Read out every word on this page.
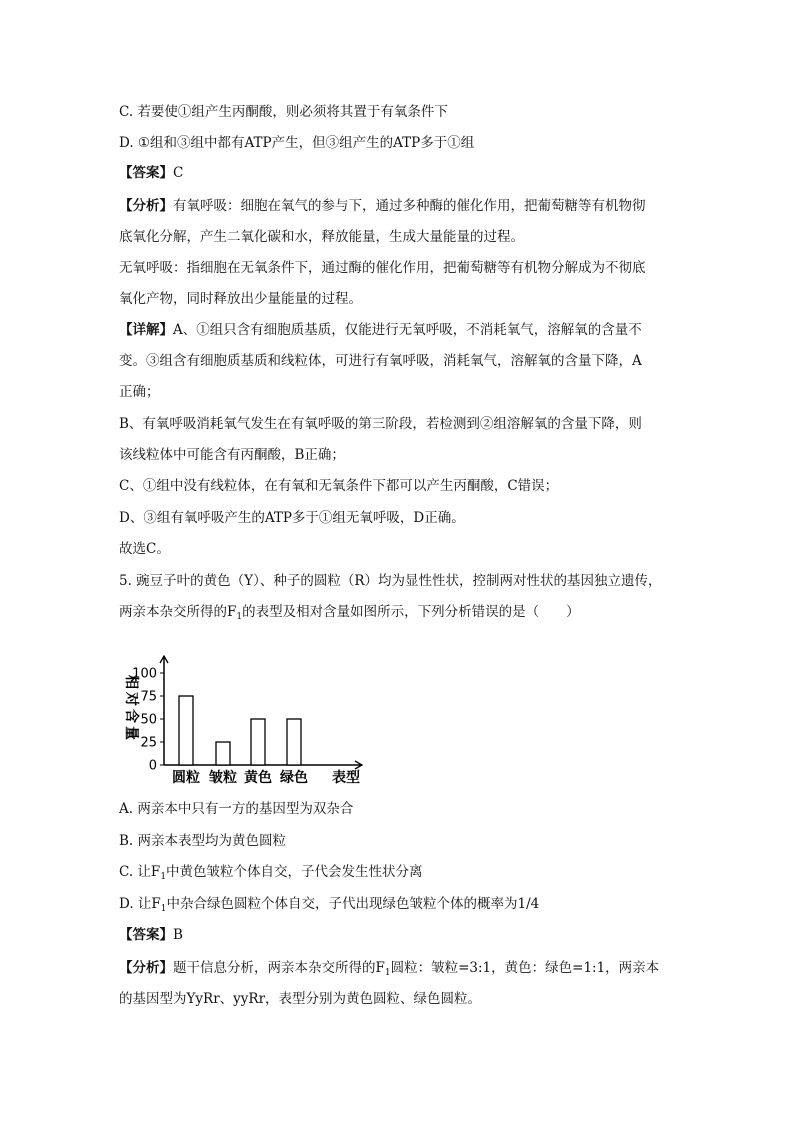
C. 若要使①组产生丙酮酸，则必须将其置于有氧条件下
D. ①组和③组中都有ATP产生，但③组产生的ATP多于①组
【答案】C
【分析】有氧呼吸：细胞在氧气的参与下，通过多种酶的催化作用，把葡萄糖等有机物彻
底氧化分解，产生二氧化碳和水，释放能量，生成大量能量的过程。
无氧呼吸：指细胞在无氧条件下，通过酶的催化作用，把葡萄糖等有机物分解成为不彻底
氧化产物，同时释放出少量能量的过程。
【详解】A、①组只含有细胞质基质，仅能进行无氧呼吸，不消耗氧气，溶解氧的含量不
变。③组含有细胞质基质和线粒体，可进行有氧呼吸，消耗氧气，溶解氧的含量下降，A
正确；
B、有氧呼吸消耗氧气发生在有氧呼吸的第三阶段，若检测到②组溶解氧的含量下降，则
该线粒体中可能含有丙酮酸，B正确；
C、①组中没有线粒体，在有氧和无氧条件下都可以产生丙酮酸，C错误；
D、③组有氧呼吸产生的ATP多于①组无氧呼吸，D正确。
故选C。
5. 豌豆子叶的黄色（Y）、种子的圆粒（R）均为显性性状，控制两对性状的基因独立遗传，
两亲本杂交所得的$F_1$的表型及相对含量如图所示，下列分析错误的是（　　）
相
对
含
量
0
25
50
75
100
圆粒 皱粒 黄色 绿色 表型
A. 两亲本中只有一方的基因型为双杂合
B. 两亲本表型均为黄色圆粒
C. 让$F_1$中黄色皱粒个体自交，子代会发生性状分离
D. 让$F_1$中杂合绿色圆粒个体自交，子代出现绿色皱粒个体的概率为1/4
【答案】B
【分析】题干信息分析，两亲本杂交所得的$F_1$圆粒：皱粒=3:1，黄色：绿色=1:1，两亲本
的基因型为YyRr、yyRr，表型分别为黄色圆粒、绿色圆粒。
